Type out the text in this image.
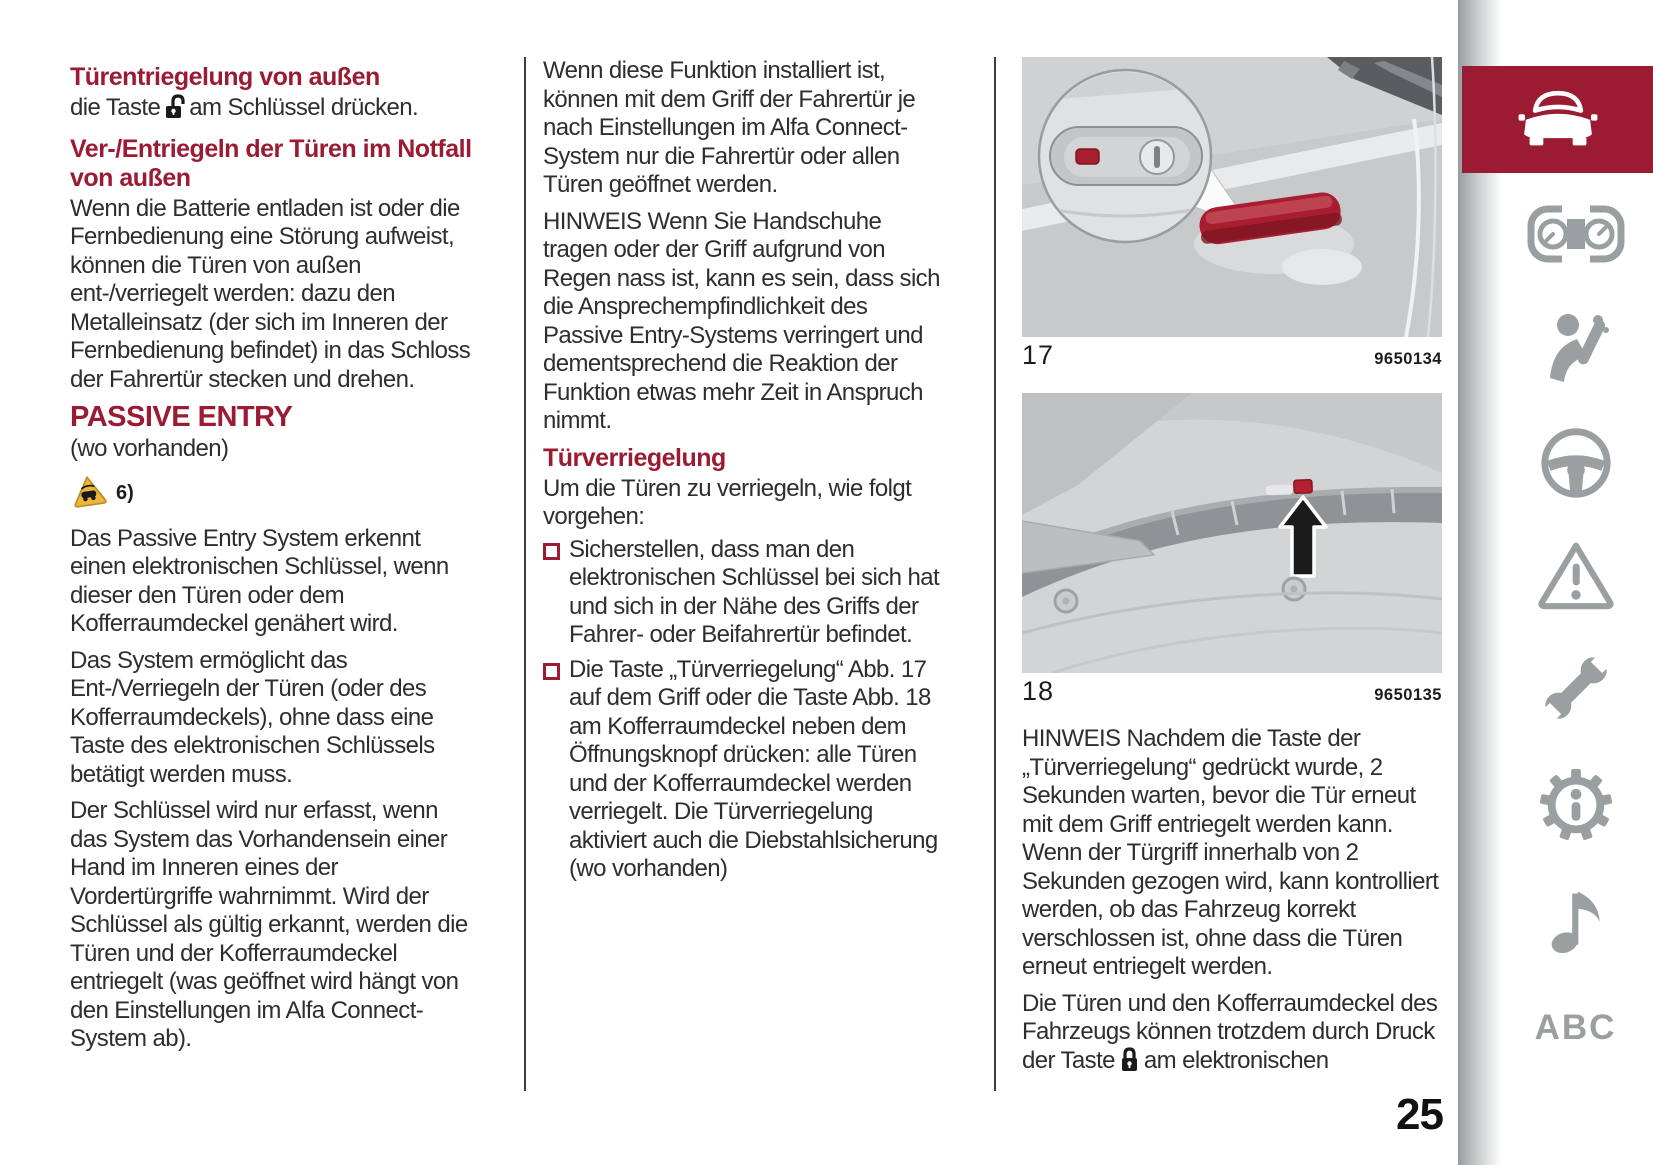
Türentriegelung von außen

die Taste am Schlüssel drücken.

Ver-/Entriegeln der Türen im Notfall von außen

Wenn die Batterie entladen ist oder die Fernbedienung eine Störung aufweist, können die Türen von außen ent-/verriegelt werden: dazu den Metalleinsatz (der sich im Inneren der Fernbedienung befindet) in das Schloss der Fahrertür stecken und drehen.

PASSIVE ENTRY

(wo vorhanden)

6)

Das Passive Entry System erkennt einen elektronischen Schlüssel, wenn dieser den Türen oder dem Kofferraumdeckel genähert wird.

Das System ermöglicht das Ent-/Verriegeln der Türen (oder des Kofferraumdeckels), ohne dass eine Taste des elektronischen Schlüssels betätigt werden muss.

Der Schlüssel wird nur erfasst, wenn das System das Vorhandensein einer Hand im Inneren eines der Vordertürgriffe wahrnimmt. Wird der Schlüssel als gültig erkannt, werden die Türen und der Kofferraumdeckel entriegelt (was geöffnet wird hängt von den Einstellungen im Alfa Connect-System ab).

Wenn diese Funktion installiert ist, können mit dem Griff der Fahrertür je nach Einstellungen im Alfa Connect-System nur die Fahrertür oder allen Türen geöffnet werden.

HINWEIS Wenn Sie Handschuhe tragen oder der Griff aufgrund von Regen nass ist, kann es sein, dass sich die Ansprechempfindlichkeit des Passive Entry-Systems verringert und dementsprechend die Reaktion der Funktion etwas mehr Zeit in Anspruch nimmt.

Türverriegelung

Um die Türen zu verriegeln, wie folgt vorgehen:

Sicherstellen, dass man den elektronischen Schlüssel bei sich hat und sich in der Nähe des Griffs der Fahrer- oder Beifahrertür befindet.
Die Taste „Türverriegelung“ Abb. 17 auf dem Griff oder die Taste Abb. 18 am Kofferraumdeckel neben dem Öffnungsknopf drücken: alle Türen und der Kofferraumdeckel werden verriegelt. Die Türverriegelung aktiviert auch die Diebstahlsicherung (wo vorhanden)
17	9650134
18	9650135

HINWEIS Nachdem die Taste der „Türverriegelung“ gedrückt wurde, 2 Sekunden warten, bevor die Tür erneut mit dem Griff entriegelt werden kann. Wenn der Türgriff innerhalb von 2 Sekunden gezogen wird, kann kontrolliert werden, ob das Fahrzeug korrekt verschlossen ist, ohne dass die Türen erneut entriegelt werden.

Die Türen und den Kofferraumdeckel des Fahrzeugs können trotzdem durch Druck der Taste am elektronischen

ABC
25
